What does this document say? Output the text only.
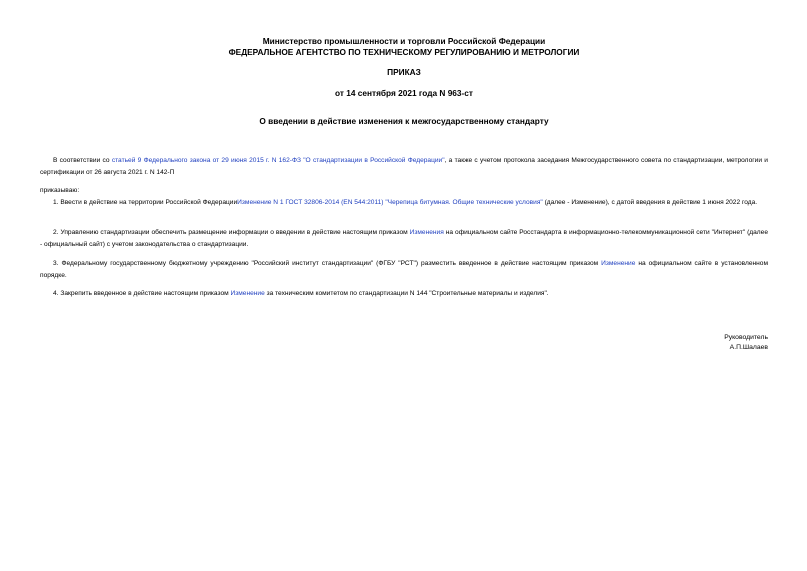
Министерство промышленности и торговли Российской Федерации
ФЕДЕРАЛЬНОЕ АГЕНТСТВО ПО ТЕХНИЧЕСКОМУ РЕГУЛИРОВАНИЮ И МЕТРОЛОГИИ
ПРИКАЗ
от 14 сентября 2021 года N 963-ст
О введении в действие изменения к межгосударственному стандарту
В соответствии со статьей 9 Федерального закона от 29 июня 2015 г. N 162-ФЗ "О стандартизации в Российской Федерации", а также с учетом протокола заседания Межгосударственного совета по стандартизации, метрологии и сертификации от 26 августа 2021 г. N 142-П
приказываю:
1. Ввести в действие на территории Российской ФедерацииИзменение N 1 ГОСТ 32806-2014 (EN 544:2011) "Черепица битумная. Общие технические условия" (далее - Изменение), с датой введения в действие 1 июня 2022 года.
2. Управлению стандартизации обеспечить размещение информации о введении в действие настоящим приказом Изменения на официальном сайте Росстандарта в информационно-телекоммуникационной сети "Интернет" (далее - официальный сайт) с учетом законодательства о стандартизации.
3. Федеральному государственному бюджетному учреждению "Российский институт стандартизации" (ФГБУ "РСТ") разместить введенное в действие настоящим приказом Изменение на официальном сайте в установленном порядке.
4. Закрепить введенное в действие настоящим приказом Изменение за техническим комитетом по стандартизации N 144 "Строительные материалы и изделия".
Руководитель
А.П.Шалаев
